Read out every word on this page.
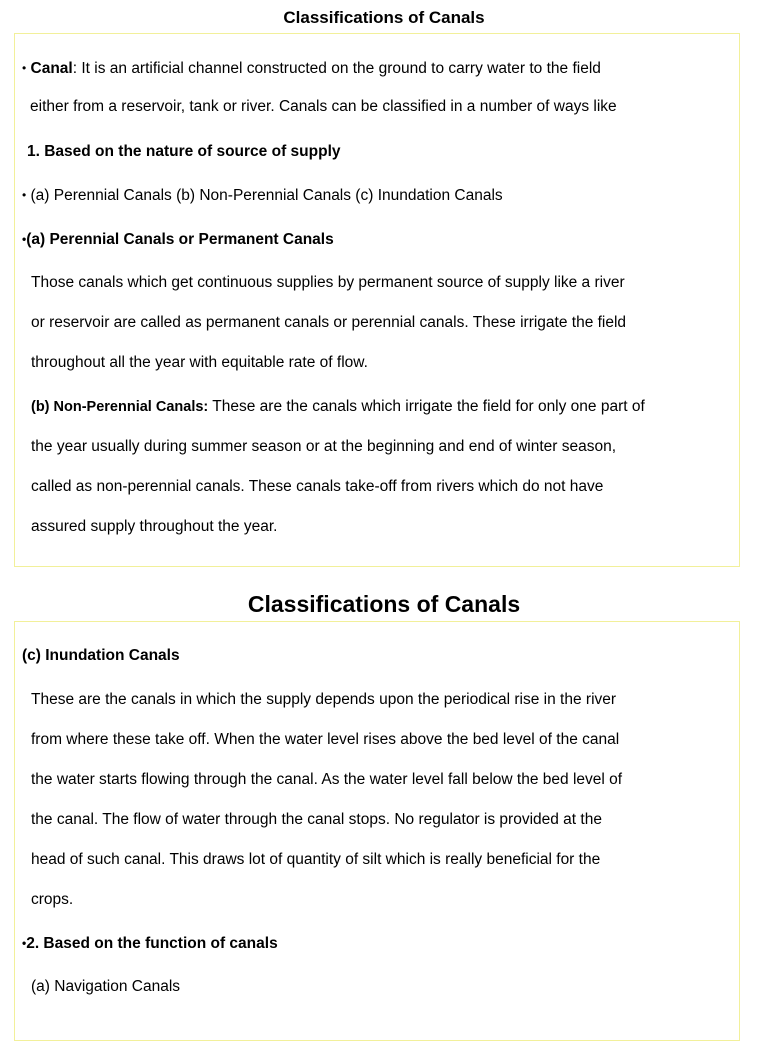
Classifications of Canals
• Canal: It is an artificial channel constructed on the ground to carry water to the field
either from a reservoir, tank or river. Canals can be classified in a number of ways like
1. Based on the nature of source of supply
• (a) Perennial Canals (b) Non-Perennial Canals (c) Inundation Canals
•(a) Perennial Canals or Permanent Canals
Those canals which get continuous supplies by permanent source of supply like a river
or reservoir are called as permanent canals or perennial canals. These irrigate the field
throughout all the year with equitable rate of flow.
(b) Non-Perennial Canals: These are the canals which irrigate the field for only one part of
the year usually during summer season or at the beginning and end of winter season,
called as non-perennial canals. These canals take-off from rivers which do not have
assured supply throughout the year.
Classifications of Canals
(c) Inundation Canals
These are the canals in which the supply depends upon the periodical rise in the river
from where these take off. When the water level rises above the bed level of the canal
the water starts flowing through the canal. As the water level fall below the bed level of
the canal. The flow of water through the canal stops. No regulator is provided at the
head of such canal. This draws lot of quantity of silt which is really beneficial for the
crops.
•2. Based on the function of canals
(a) Navigation Canals
